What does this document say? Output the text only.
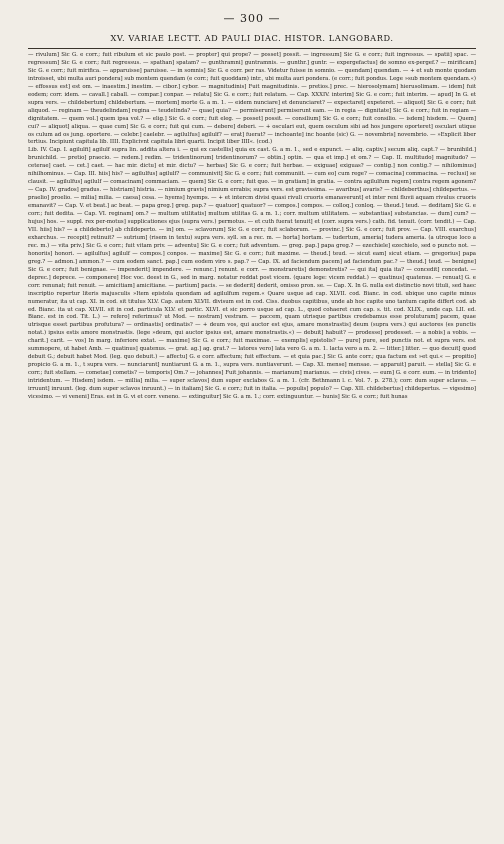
— 300 —
XV. VARIAE LECTT. AD PAULI DIAC. HISTOR. LANGOBARD.

— rivulum] Sic G. e corr.; fuit ribulum et sic paulo post. — propter] qui prope? — posset] possit. — ingressum] Sic G. e corr.; fuit ingressus. — spatii] spac. — regressum] Sic G. e corr.; fuit regressus. — spathan] spatam? — gunthramni] guntramnis. — gunthr.] guntr. — expergefactus] de somno ex-pergef.? — mirificam] Sic G. e corr.; fuit mirifica. — apparuisse] paruisse. — in somnis] Sic G. e corr. per ras. Videtur fuisse in somnio. — quendam] quendam. — + et sub monte quodam introisset, ubi multa auri pondera] sub montem quendam (e corr.; fuit quoddam) intr., ubi multa auri pondera. (e corr.; fuit pondus. Lege »sub montem quendam.«) — effossus est] est om. — inaestim.] inestim. — cibor.] cybor. — magnitudinis] Fuit magnitudinis. — pretios.] prec. — hierosolymam] hierusolimam. — idem] fuit eodem; corr. idem. — cavall.] caball. — compar.] conpar. — relatu] Sic G. e corr.; fuit relatum. — Cap. XXXIV. interim] Sic G. e corr.; fuit interim. — apud] In G. et supra vers. — childebertum] childebertum. — mortem] morte G. a m. 1. — eidem nunciare] et denunciaret? — expectaret] expeteret. — aliquot] Sic G. e corr.; fuit aliquod. — reginam — theudelindam] regina — teudelinda? — quae] quia? — permiserunt] permiserunt eam. — in regia — dignitate] Sic G. e corr.; fuit in regiam — dignitatem. — quem vol.] quem ipsa vol.? — elig.] Sic G. e corr.; fuit eleg. — posset] possit. — consilium] Sic G. e corr.; fuit consilio. — isdem] hisdem. — Quem] cui? — aliquot] aliqua. — quae cum] Sic G. e corr.; fuit qui cum. — debere] deberi. — + osculari eut, quem osculum sibi ad hos jungere oporteret] osculari utique os culum ad os jung. oportere. — celebr.] caelebr. — agilulfus] agilulf? — erat] fuerat? — inchoante] inc hoante (sic) G. — novembris] novembrio. — »Explicit liber tertius. Incipiunt capitula lib. IIII. Explicivnt capitula libri quarti. Incipit liber IIII«. (cod.)

Lib. IV. Cap. I. agilulfi] agilulf supra lin. addita altera i. — qui ex castellis] quia ex cast. G. a m. 1., sed e expunct. — aliq. captiv.] secum aliq. capt.? — brunihild.] brunichild. — pretio] praecio. — redem.] redim. — tridentinorum] tridentinorum? — obtin.] optin. — qua et imp.] et om.? — Cap. II. multitudo] magnitudo? — ceterae] caet. — cet.] caet. — hac mir. dictu] et mir. dictu? — herbas] Sic G. e corr.; fuit herbae. — exiguae] exiguas? — contig.] non contig.? — nihilominus] nihilhominus. — Cap. III. hiis] his? — agilulfus] agilulf? — communivit] Sic G. e corr.; fuit communiit. — cum eo] cum rege? — comacina] commacina. — reclusi] se clausit. — agilulfus] agilulf — comacinam] commaciam. — quem] Sic G. e corr.; fuit quo. — in gratiam] in gratia. — contra agilulfum regem] contra regem agonem? — Cap. IV. grados] gradus. — histriam] histria. — nimium gravis] nimium errabis; supra vers. est gravissima. — avaribus] avaris? — childeberthus] childepertus. — praelio] proelio. — milia] milia. — caesa] cesa. — hyems] hyemps. — + et intercm divisi quasi rivuli cruoris emanaverunt] et inter reni fluvii aquam rivulus cruoris emanavit? — Cap. V. et beat.] ac beat. — papa greg.] greg. pap.? — quatuor] quatuor? — compos.] compos. — colloq.] conloq. — theud.] teud. — deditam] Sic G. e corr.; fuit dedita. — Cap. VI. reginam] om.? — multum utilitatis] multum utilitas G. a m. 1.; corr. multum utilitatem. — substantias] substancias. — dum] cum? — hujus] hos. — suppl. rex per-motus] supplicationes ejus (supra vers.) permotus. — et cuth fuerat tenuit] et (corr. supra vers.) cath. fid. tenuit. (corr. tendit.) — Cap. VII. hiis] his? — a childeberto] ab childeperto. — in] om. — sclavorum] Sic G. e corr.; fuit sclaborum. — provinc.] Sic G. e corr.; fuit prov. — Cap. VIII. exarchus] exharchus. — recepit] retinuit? — sutrium] (risem in textu) supra vers. syll. sn a rec. m. — horta] hortam. — tudertum, ameria] tudera ameria. (a utroque loco a rec. m.) — vita priv.] Sic G. e corr.; fuit vitam priv. — adventu] Sic G. e corr.; fuit adventum. — greg. pap.] papa greg.? — ezechiele] ezechielo, sed o puncto not. — honoriis] honori. — agilulfus] agilulf — compos.] conpos. — maxime] Sic G. e corr.; fuit maxime. — theud.] teud. — sicut eam] sicut etiam. — gregorius] papa greg.? — admon.] ammon.? — cum eodem sanct. pap.] cum eodem viro s. pap.? — Cap. IX. ad faciendum pacem] ad faciendum pac.? — theud.] teud. — benigne] Sic G. e corr.; fuit benignae. — impenderit] impendere. — renunc.] renunt. e corr. — monstraretis] demonstretis? — qui ita] quia ita? — concedit] concedat. — deprec.] deprece. — componere] Hoc voc. deest in G., sed in marg. notatur reddat post vicem. (quare lege: vicem reddat.) — quatinus] quatenus. — renuat] G. e corr. renunat; fuit renuit. — amicitiam] amicitiane. — partium] pacis. — se dederit] dederit, omisso pron. se. — Cap. X. In G. nulla est distinctio novi tituli, sed haec inscriptio repertur literis majusculis »Item epistola quondam ad agilulfum regem.« Quare usque ad cap. XLVII. cod. Bianc. in cod. ubique uno capite minus numeratur, ita ut cap. XI. in cod. sit titulus XLV. Cap. autem XLVII. divisum est in cod. Ciss. duobus capitibus, unde ab hoc capite uno tantum capite differt cod. ab ed. Bianc. ita ut cap. XLVII. sit in cod. particula XLV. et partic. XLVI. et sic porro usque ad cap. L., quod cohaeret cum cap. s. tit. cod. XLIX., unde cap. LII. ed. Bianc. est in cod. Tit. L.) — refero] referimus? ut Mod. — nostram] vestram. — paccem, quam utrisque partibus credebamus esse proluturam] pacem, quae utrisque esset partibus profutura? — ordinastis] ordinatis? — + deum vos, qui auctor est ejus, amare monstrastis] deum (supra vers.) qui auctores (es punctis notat.) ipsius estis amore monstrastis. (lege »deum, qui auctor ipsius est, amare monstrastis.«) — debuit] habuit? — prodesse] prodesset. — a nobis] a vobis. — charit.] carit. — vos] In marg. inferiore extat. — maxime] Sic G. e corr.; fuit maximae. — exemplis] epistolis? — pure] pure, sed punctis not. et supra vers. est summopere, ut habet Amb. — quatinus] quatenus. — grat. ag.] ag. grat.? — latores vero] lata vero G. a m. 1. lacta vero a m. 2. — litter.] litter. — quo decuit] quod debuit G.; debuit habet Mod. (leg. quo debuit.) — affectu] G. e corr. affectum; fuit effectum. — et quia pac.] Sic G. ante corr.; qua factum est »et qui.« — propitio] propicio G. a m. 1., t supra vers. — nunciarunt] nuntiarunt G. a m. 1., supra vers. nuntiaverunt. — Cap. XI. mense] mensae. — apparuit] paruit. — stella] Sic G. e corr.; fuit stellam. — cometae] cometis? — temporis] Om.? — johannes] Fuit johannis. — marianum] marianus. — civis] cives. — eum] G. e corr. eum. — in tridento] intridentum. — Hisdem] isdem. — millia] milia. — super sclavos] dum super exclabos G. a m. 1. (cfr. Bethmann l. c. Vol. 7. p. 278.); corr. dum super sclavus. — irruunt] inruunt. (leg. dum super sclavos inruunt.) — in italiam] Sic G. e corr.; fuit in italia. — populis] populo? — Cap. XII. childebertus] childepertus. — vigesimo] vicesimo. — vi veneni] Eras. est in G. vi et corr. veneno. — extinguitur] Sic G. a m. 1.; corr. extinguuntur. — hunis] Sic G. e corr.; fuit hunas
